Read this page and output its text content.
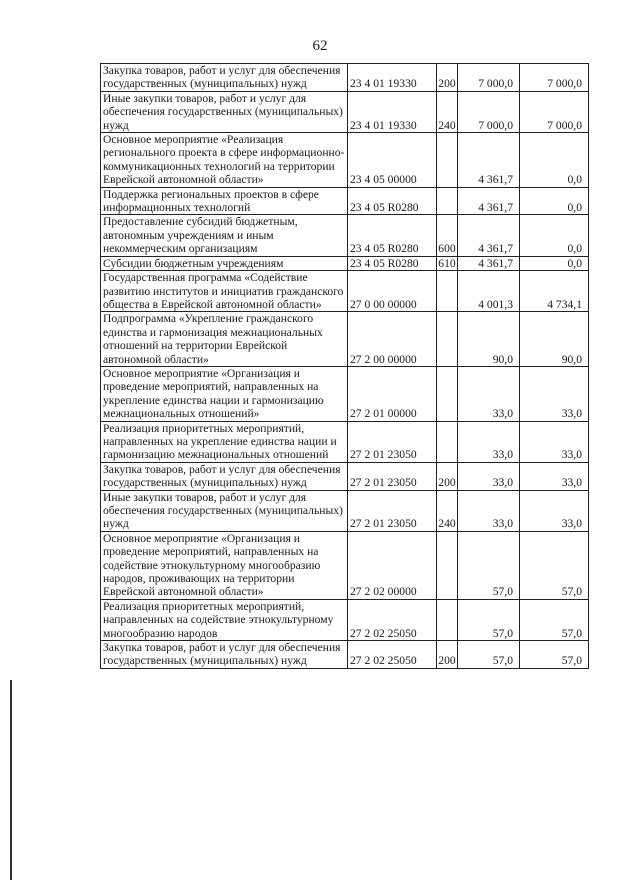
62
Закупка товаров, работ и услуг для обеспечения государственных (муниципальных) нужд	23 4 01 19330	200	7 000,0	7 000,0
Иные закупки товаров, работ и услуг для обеспечения государственных (муниципальных) нужд	23 4 01 19330	240	7 000,0	7 000,0
Основное мероприятие «Реализация регионального проекта в сфере информационно-коммуникационных технологий на территории Еврейской автономной области»	23 4 05 00000		4 361,7	0,0
Поддержка региональных проектов в сфере информационных технологий	23 4 05 R0280		4 361,7	0,0
Предоставление субсидий бюджетным, автономным учреждениям и иным некоммерческим организациям	23 4 05 R0280	600	4 361,7	0,0
Субсидии бюджетным учреждениям	23 4 05 R0280	610	4 361,7	0,0
Государственная программа «Содействие развитию институтов и инициатив гражданского общества в Еврейской автономной области»	27 0 00 00000		4 001,3	4 734,1
Подпрограмма «Укрепление гражданского единства и гармонизация межнациональных отношений на территории Еврейской автономной области»	27 2 00 00000		90,0	90,0
Основное мероприятие «Организация и проведение мероприятий, направленных на укрепление единства нации и гармонизацию межнациональных отношений»	27 2 01 00000		33,0	33,0
Реализация приоритетных мероприятий, направленных на укрепление единства нации и гармонизацию межнациональных отношений	27 2 01 23050		33,0	33,0
Закупка товаров, работ и услуг для обеспечения государственных (муниципальных) нужд	27 2 01 23050	200	33,0	33,0
Иные закупки товаров, работ и услуг для обеспечения государственных (муниципальных) нужд	27 2 01 23050	240	33,0	33,0
Основное мероприятие «Организация и проведение мероприятий, направленных на содействие этнокультурному многообразию народов, проживающих на территории Еврейской автономной области»	27 2 02 00000		57,0	57,0
Реализация приоритетных мероприятий, направленных на содействие этнокультурному многообразию народов	27 2 02 25050		57,0	57,0
Закупка товаров, работ и услуг для обеспечения государственных (муниципальных) нужд	27 2 02 25050	200	57,0	57,0
